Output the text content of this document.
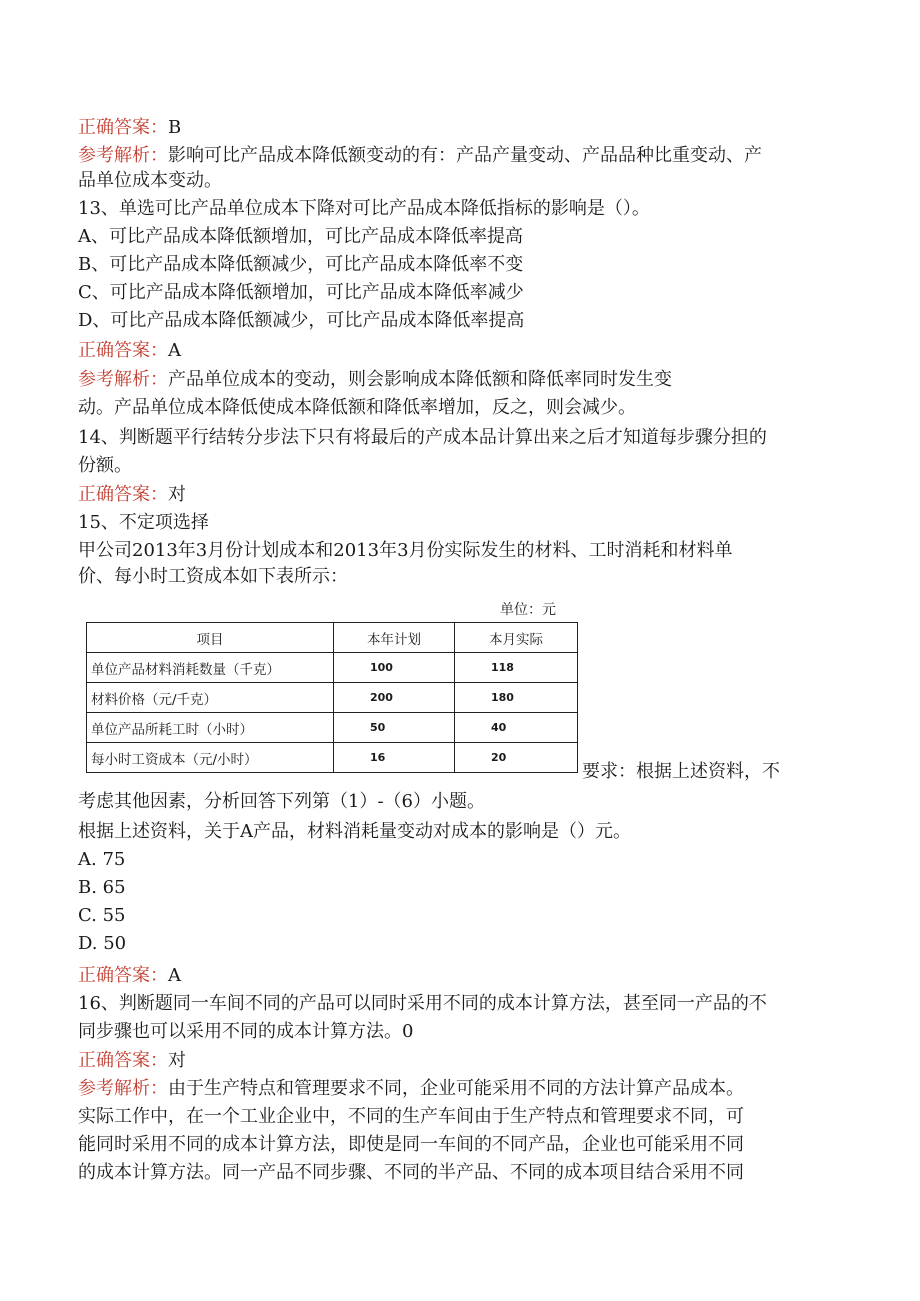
正确答案：B
参考解析：影响可比产品成本降低额变动的有：产品产量变动、产品品种比重变动、产
品单位成本变动。
13、单选可比产品单位成本下降对可比产品成本降低指标的影响是（）。
A、可比产品成本降低额增加，可比产品成本降低率提高
B、可比产品成本降低额减少，可比产品成本降低率不变
C、可比产品成本降低额增加，可比产品成本降低率减少
D、可比产品成本降低额减少，可比产品成本降低率提高
正确答案：A
参考解析：产品单位成本的变动，则会影响成本降低额和降低率同时发生变
动。产品单位成本降低使成本降低额和降低率增加，反之，则会减少。
14、判断题平行结转分步法下只有将最后的产成本品计算出来之后才知道每步骤分担的
份额。
正确答案：对
15、不定项选择
甲公司2013年3月份计划成本和2013年3月份实际发生的材料、工时消耗和材料单
价、每小时工资成本如下表所示：
单位：元
项目	本年计划	本月实际
单位产品材料消耗数量（千克）	100	118
材料价格（元/千克）	200	180
单位产品所耗工时（小时）	50	40
每小时工资成本（元/小时）	16	20
要求：根据上述资料，不
考虑其他因素，分析回答下列第（1）-（6）小题。
根据上述资料，关于A产品，材料消耗量变动对成本的影响是（）元。
A. 75
B. 65
C. 55
D. 50
正确答案：A
16、判断题同一车间不同的产品可以同时采用不同的成本计算方法，甚至同一产品的不
同步骤也可以采用不同的成本计算方法。0
正确答案：对
参考解析：由于生产特点和管理要求不同，企业可能采用不同的方法计算产品成本。
实际工作中，在一个工业企业中，不同的生产车间由于生产特点和管理要求不同，可
能同时采用不同的成本计算方法，即使是同一车间的不同产品，企业也可能采用不同
的成本计算方法。同一产品不同步骤、不同的半产品、不同的成本项目结合采用不同
